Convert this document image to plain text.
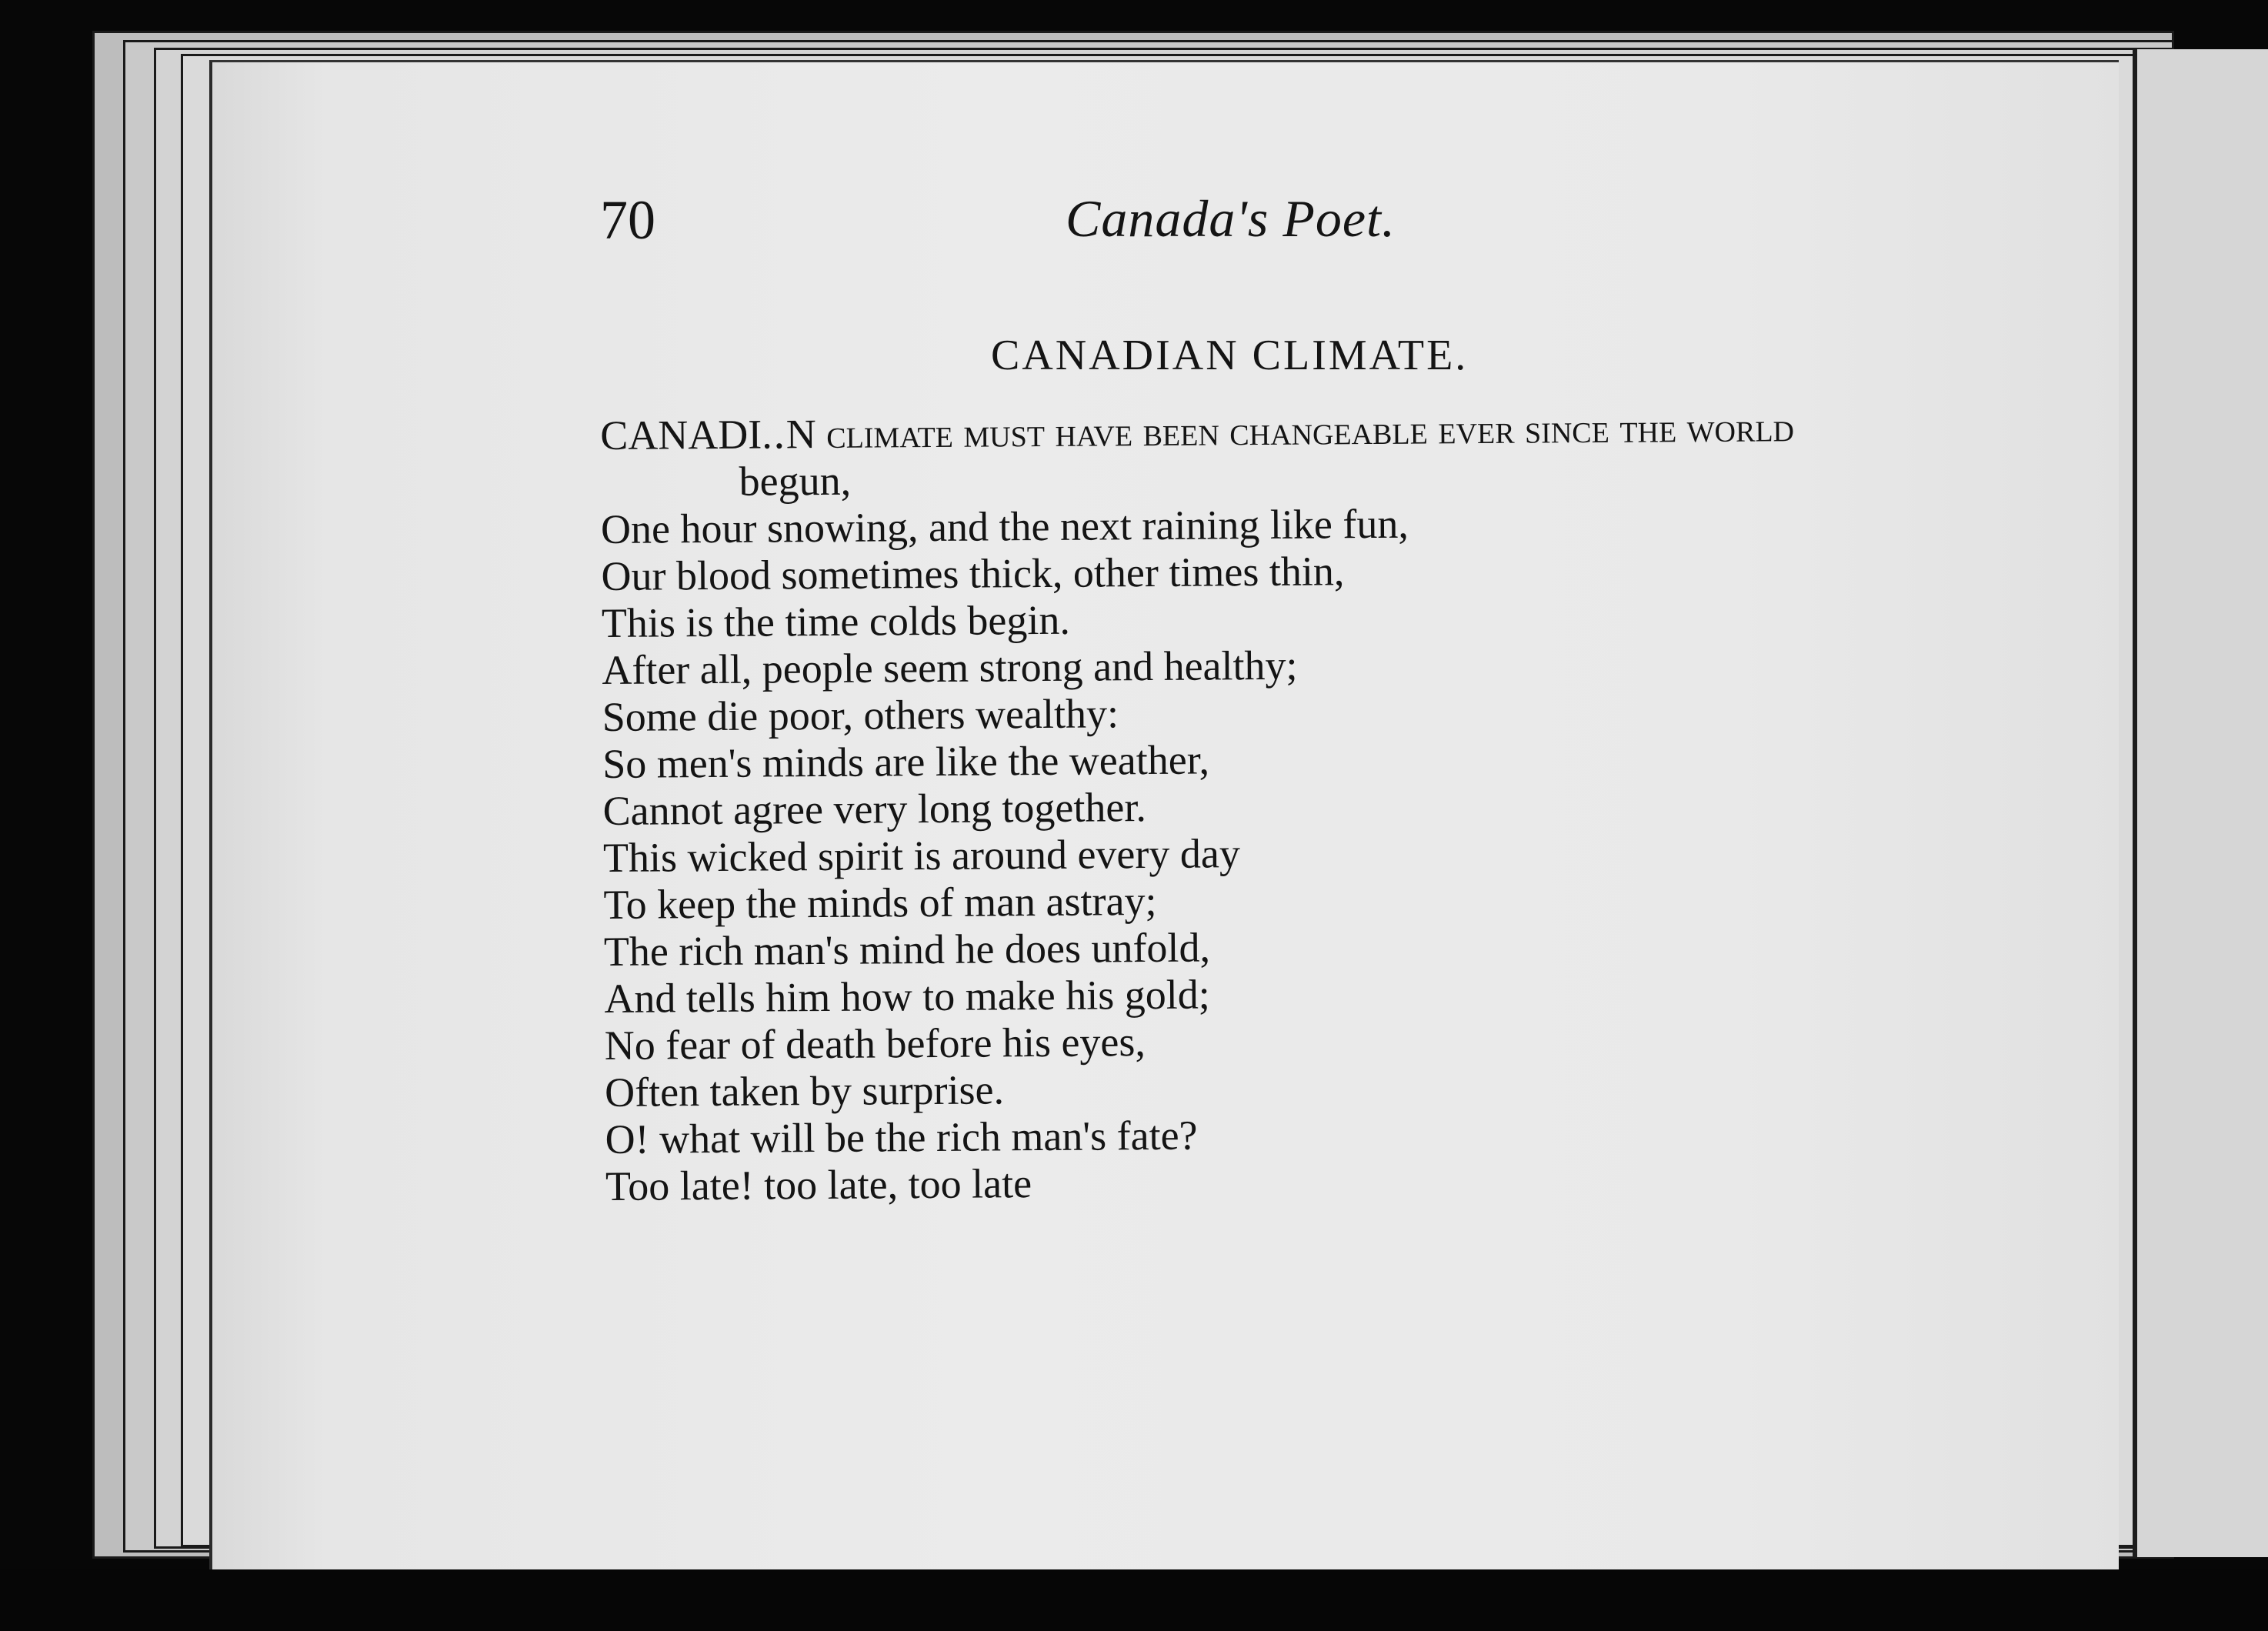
70	Canada's Poet.
CANADIAN CLIMATE.
CANADI.․N climate must have been changeable ever since the world
begun,
One hour snowing, and the next raining like fun,
Our blood sometimes thick, other times thin,
This is the time colds begin.
After all, people seem strong and healthy;
Some die poor, others wealthy:
So men's minds are like the weather,
Cannot agree very long together.
This wicked spirit is around every day
To keep the minds of man astray;
The rich man's mind he does unfold,
And tells him how to make his gold;
No fear of death before his eyes,
Often taken by surprise.
O! what will be the rich man's fate?
Too late! too late, too late
